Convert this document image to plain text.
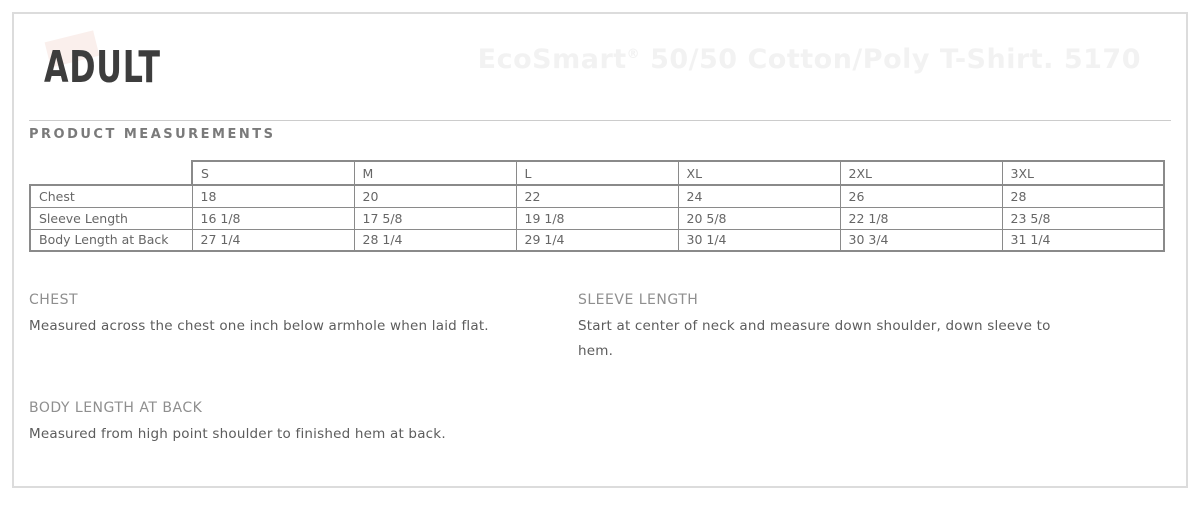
ADULT	EcoSmart® 50/50 Cotton/Poly T-Shirt. 5170
PRODUCT MEASUREMENTS
	S	M	L	XL	2XL	3XL
Chest	18	20	22	24	26	28
Sleeve Length	16 1/8	17 5/8	19 1/8	20 5/8	22 1/8	23 5/8
Body Length at Back	27 1/4	28 1/4	29 1/4	30 1/4	30 3/4	31 1/4
CHEST
Measured across the chest one inch below armhole when laid flat.
SLEEVE LENGTH
Start at center of neck and measure down shoulder, down sleeve to hem.
BODY LENGTH AT BACK
Measured from high point shoulder to finished hem at back.
